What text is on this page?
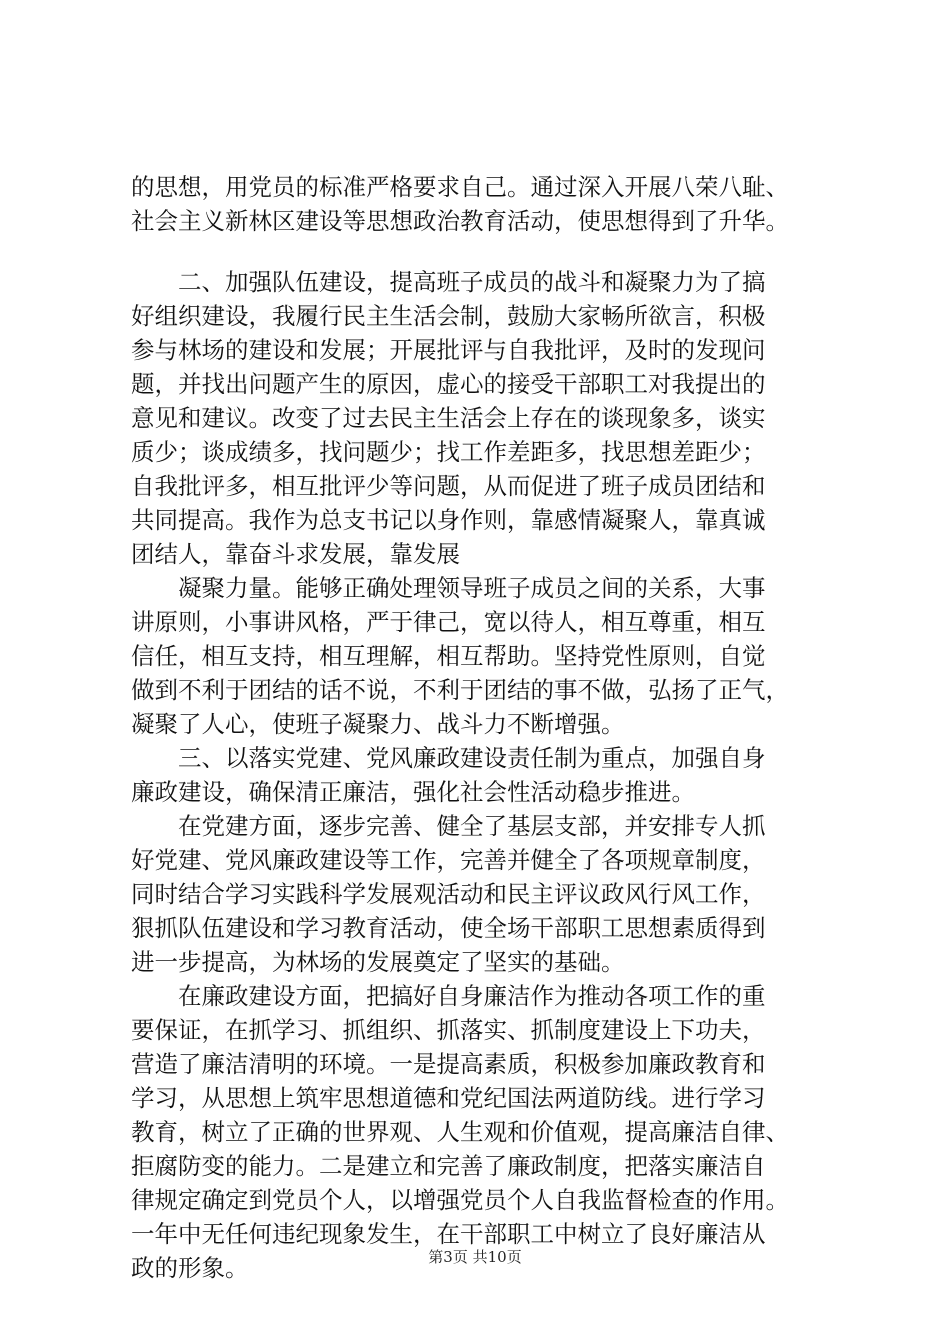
的思想，用党员的标准严格要求自己。通过深入开展八荣八耻、
社会主义新林区建设等思想政治教育活动，使思想得到了升华。
　　二、加强队伍建设，提高班子成员的战斗和凝聚力为了搞
好组织建设，我履行民主生活会制，鼓励大家畅所欲言，积极
参与林场的建设和发展；开展批评与自我批评，及时的发现问
题，并找出问题产生的原因，虚心的接受干部职工对我提出的
意见和建议。改变了过去民主生活会上存在的谈现象多，谈实
质少；谈成绩多，找问题少；找工作差距多，找思想差距少；
自我批评多，相互批评少等问题，从而促进了班子成员团结和
共同提高。我作为总支书记以身作则，靠感情凝聚人，靠真诚
团结人，靠奋斗求发展，靠发展
　　凝聚力量。能够正确处理领导班子成员之间的关系，大事
讲原则，小事讲风格，严于律己，宽以待人，相互尊重，相互
信任，相互支持，相互理解，相互帮助。坚持党性原则，自觉
做到不利于团结的话不说，不利于团结的事不做，弘扬了正气，
凝聚了人心，使班子凝聚力、战斗力不断增强。
　　三、以落实党建、党风廉政建设责任制为重点，加强自身
廉政建设，确保清正廉洁，强化社会性活动稳步推进。
　　在党建方面，逐步完善、健全了基层支部，并安排专人抓
好党建、党风廉政建设等工作，完善并健全了各项规章制度，
同时结合学习实践科学发展观活动和民主评议政风行风工作，
狠抓队伍建设和学习教育活动，使全场干部职工思想素质得到
进一步提高，为林场的发展奠定了坚实的基础。
　　在廉政建设方面，把搞好自身廉洁作为推动各项工作的重
要保证，在抓学习、抓组织、抓落实、抓制度建设上下功夫，
营造了廉洁清明的环境。一是提高素质，积极参加廉政教育和
学习，从思想上筑牢思想道德和党纪国法两道防线。进行学习
教育，树立了正确的世界观、人生观和价值观，提高廉洁自律、
拒腐防变的能力。二是建立和完善了廉政制度，把落实廉洁自
律规定确定到党员个人，以增强党员个人自我监督检查的作用。
一年中无任何违纪现象发生，在干部职工中树立了良好廉洁从
政的形象。	第3页 共10页
